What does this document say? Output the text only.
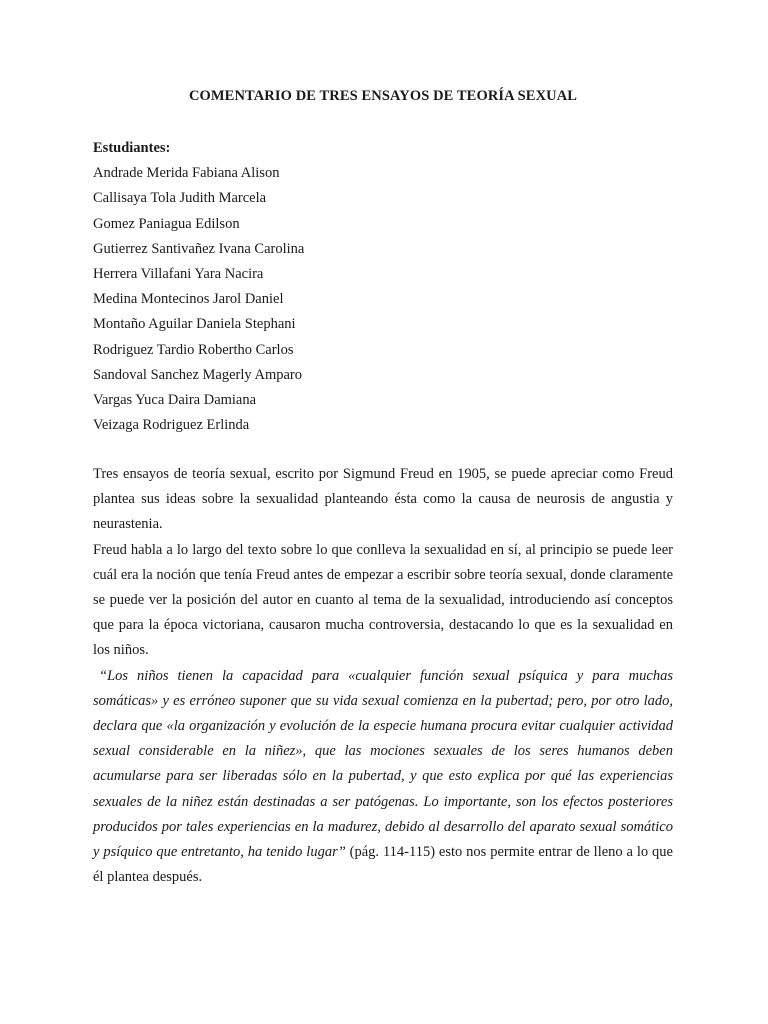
COMENTARIO DE TRES ENSAYOS DE TEORÍA SEXUAL
Estudiantes:
Andrade Merida Fabiana Alison
Callisaya Tola Judith Marcela
Gomez Paniagua Edilson
Gutierrez Santivañez Ivana Carolina
Herrera Villafani Yara Nacira
Medina Montecinos Jarol Daniel
Montaño Aguilar Daniela Stephani
Rodriguez Tardio Robertho Carlos
Sandoval Sanchez Magerly Amparo
Vargas Yuca Daira Damiana
Veizaga Rodriguez Erlinda

Tres ensayos de teoría sexual, escrito por Sigmund Freud en 1905, se puede apreciar como Freud plantea sus ideas sobre la sexualidad planteando ésta como la causa de neurosis de angustia y neurastenia.

Freud habla a lo largo del texto sobre lo que conlleva la sexualidad en sí, al principio se puede leer cuál era la noción que tenía Freud antes de empezar a escribir sobre teoría sexual, donde claramente se puede ver la posición del autor en cuanto al tema de la sexualidad, introduciendo así conceptos que para la época victoriana, causaron mucha controversia, destacando lo que es la sexualidad en los niños.

“Los niños tienen la capacidad para «cualquier función sexual psíquica y para muchas somáticas» y es erróneo suponer que su vida sexual comienza en la pubertad; pero, por otro lado, declara que «la organización y evolución de la especie humana procura evitar cualquier actividad sexual considerable en la niñez», que las mociones sexuales de los seres humanos deben acumularse para ser liberadas sólo en la pubertad, y que esto explica por qué las experiencias sexuales de la niñez están destinadas a ser patógenas. Lo importante, son los efectos posteriores producidos por tales experiencias en la madurez, debido al desarrollo del aparato sexual somático y psíquico que entretanto, ha tenido lugar” (pág. 114-115) esto nos permite entrar de lleno a lo que él plantea después.
